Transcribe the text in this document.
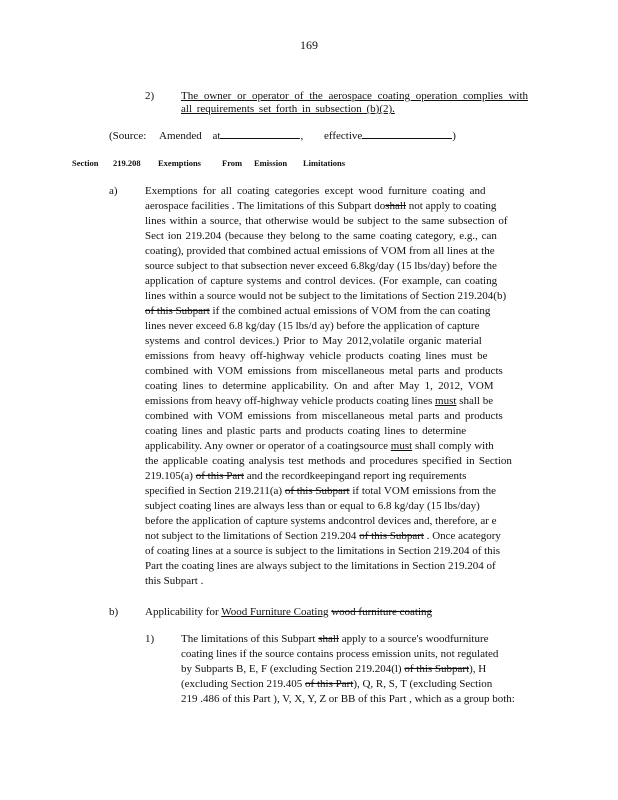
169
2) The owner or operator of the aerospace coating operation complies with
all requirements set forth in subsection (b)(2).
(Source: Amended at	, effective	)
Section 219.208 Exemptions From Emission Limitations
a) Exemptions for all coating categories except wood furniture coating and
aerospace facilities . The limitations of this Subpart doshall not apply to coating
lines within a source, that otherwise would be subject to the same subsection of
Sect ion 219.204 (because they belong to the same coating category, e.g., can
coating), provided that combined actual emissions of VOM from all lines at the
source subject to that subsection never exceed 6.8kg/day (15 lbs/day) before the
application of capture systems and control devices. (For example, can coating
lines within a source would not be subject to the limitations of Section 219.204(b)
of this Subpart if the combined actual emissions of VOM from the can coating
lines never exceed 6.8 kg/day (15 lbs/d ay) before the application of capture
systems and control devices.) Prior to May 2012,volatile organic material
emissions from heavy off-highway vehicle products coating lines must be
combined with VOM emissions from miscellaneous metal parts and products
coating lines to determine applicability. On and after May 1, 2012, VOM
emissions from heavy off-highway vehicle products coating lines must shall be
combined with VOM emissions from miscellaneous metal parts and products
coating lines and plastic parts and products coating lines to determine
applicability. Any owner or operator of a coatingsource must shall comply with
the applicable coating analysis test methods and procedures specified in Section
219.105(a) of this Part and the recordkeepingand report ing requirements
specified in Section 219.211(a) of this Subpart if total VOM emissions from the
subject coating lines are always less than or equal to 6.8 kg/day (15 lbs/day)
before the application of capture systems andcontrol devices and, therefore, ar e
not subject to the limitations of Section 219.204 of this Subpart . Once acategory
of coating lines at a source is subject to the limitations in Section 219.204 of this
Part the coating lines are always subject to the limitations in Section 219.204 of
this Subpart .
b) Applicability for Wood Furniture Coating wood furniture coating
1) The limitations of this Subpart shall apply to a source's woodfurniture
coating lines if the source contains process emission units, not regulated
by Subparts B, E, F (excluding Section 219.204(l) of this Subpart), H
(excluding Section 219.405 of this Part), Q, R, S, T (excluding Section
219 .486 of this Part ), V, X, Y, Z or BB of this Part , which as a group both:
